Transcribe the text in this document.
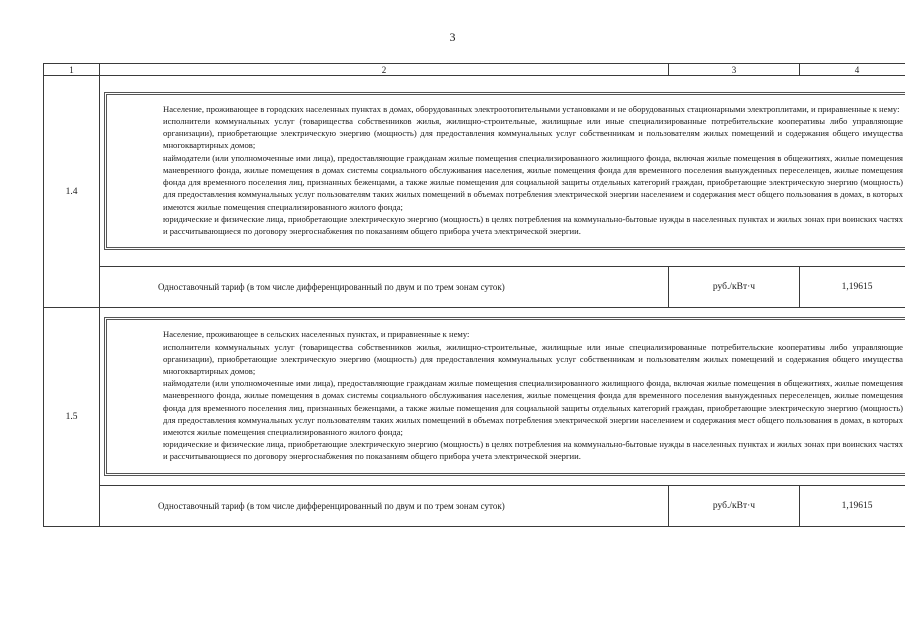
3
1	2	3	4
1.4	Население, проживающее в городских населенных пунктах в домах, оборудованных электроотопительными установками и не оборудованных стационарными электроплитами, и приравненные к нему:

исполнители коммунальных услуг (товарищества собственников жилья, жилищно-строительные, жилищные или иные специализированные потребительские кооперативы либо управляющие организации), приобретающие электрическую энергию (мощность) для предоставления коммунальных услуг собственникам и пользователям жилых помещений и содержания общего имущества многоквартирных домов;

наймодатели (или уполномоченные ими лица), предоставляющие гражданам жилые помещения специализированного жилищного фонда, включая жилые помещения в общежитиях, жилые помещения маневренного фонда, жилые помещения в домах системы социального обслуживания населения, жилые помещения фонда для временного поселения вынужденных переселенцев, жилые помещения фонда для временного поселения лиц, признанных беженцами, а также жилые помещения для социальной защиты отдельных категорий граждан, приобретающие электрическую энергию (мощность) для предоставления коммунальных услуг пользователям таких жилых помещений в объемах потребления электрической энергии населением и содержания мест общего пользования в домах, в которых имеются жилые помещения специализированного жилого фонда;

юридические и физические лица, приобретающие электрическую энергию (мощность) в целях потребления на коммунально-бытовые нужды в населенных пунктах и жилых зонах при воинских частях и рассчитывающиеся по договору энергоснабжения по показаниям общего прибора учета электрической энергии.		

	Одноставочный тариф (в том числе дифференцированный по двум и по трем зонам суток)	руб./кВт·ч	1,19615
1.5	Население, проживающее в сельских населенных пунктах, и приравненные к нему:

исполнители коммунальных услуг (товарищества собственников жилья, жилищно-строительные, жилищные или иные специализированные потребительские кооперативы либо управляющие организации), приобретающие электрическую энергию (мощность) для предоставления коммунальных услуг собственникам и пользователям жилых помещений и содержания общего имущества многоквартирных домов;

наймодатели (или уполномоченные ими лица), предоставляющие гражданам жилые помещения специализированного жилищного фонда, включая жилые помещения в общежитиях, жилые помещения маневренного фонда, жилые помещения в домах системы социального обслуживания населения, жилые помещения фонда для временного поселения вынужденных переселенцев, жилые помещения фонда для временного поселения лиц, признанных беженцами, а также жилые помещения для социальной защиты отдельных категорий граждан, приобретающие электрическую энергию (мощность) для предоставления коммунальных услуг пользователям таких жилых помещений в объемах потребления электрической энергии населением и содержания мест общего пользования в домах, в которых имеются жилые помещения специализированного жилого фонда;

юридические и физические лица, приобретающие электрическую энергию (мощность) в целях потребления на коммунально-бытовые нужды в населенных пунктах и жилых зонах при воинских частях и рассчитывающиеся по договору энергоснабжения по показаниям общего прибора учета электрической энергии.		

	Одноставочный тариф (в том числе дифференцированный по двум и по трем зонам суток)	руб./кВт·ч	1,19615
